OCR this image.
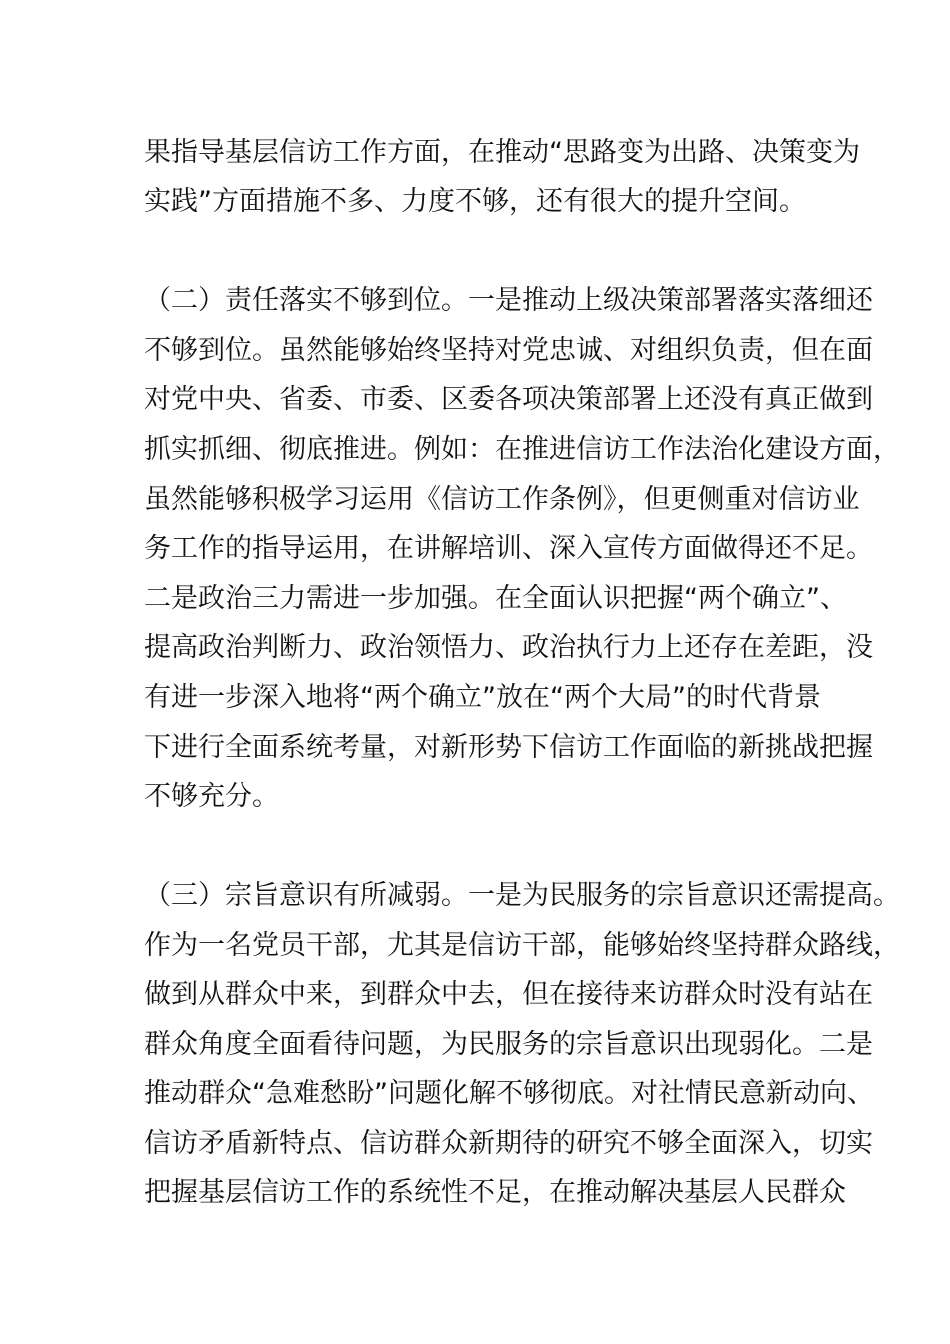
果指导基层信访工作方面，在推动“思路变为出路、决策变为
实践”方面措施不多、力度不够，还有很大的提升空间。
（二）责任落实不够到位。一是推动上级决策部署落实落细还
不够到位。虽然能够始终坚持对党忠诚、对组织负责，但在面
对党中央、省委、市委、区委各项决策部署上还没有真正做到
抓实抓细、彻底推进。例如：在推进信访工作法治化建设方面，
虽然能够积极学习运用《信访工作条例》，但更侧重对信访业
务工作的指导运用，在讲解培训、深入宣传方面做得还不足。
二是政治三力需进一步加强。在全面认识把握“两个确立”、
提高政治判断力、政治领悟力、政治执行力上还存在差距，没
有进一步深入地将“两个确立”放在“两个大局”的时代背景
下进行全面系统考量，对新形势下信访工作面临的新挑战把握
不够充分。
（三）宗旨意识有所减弱。一是为民服务的宗旨意识还需提高。
作为一名党员干部，尤其是信访干部，能够始终坚持群众路线，
做到从群众中来，到群众中去，但在接待来访群众时没有站在
群众角度全面看待问题，为民服务的宗旨意识出现弱化。二是
推动群众“急难愁盼”问题化解不够彻底。对社情民意新动向、
信访矛盾新特点、信访群众新期待的研究不够全面深入，切实
把握基层信访工作的系统性不足，在推动解决基层人民群众
